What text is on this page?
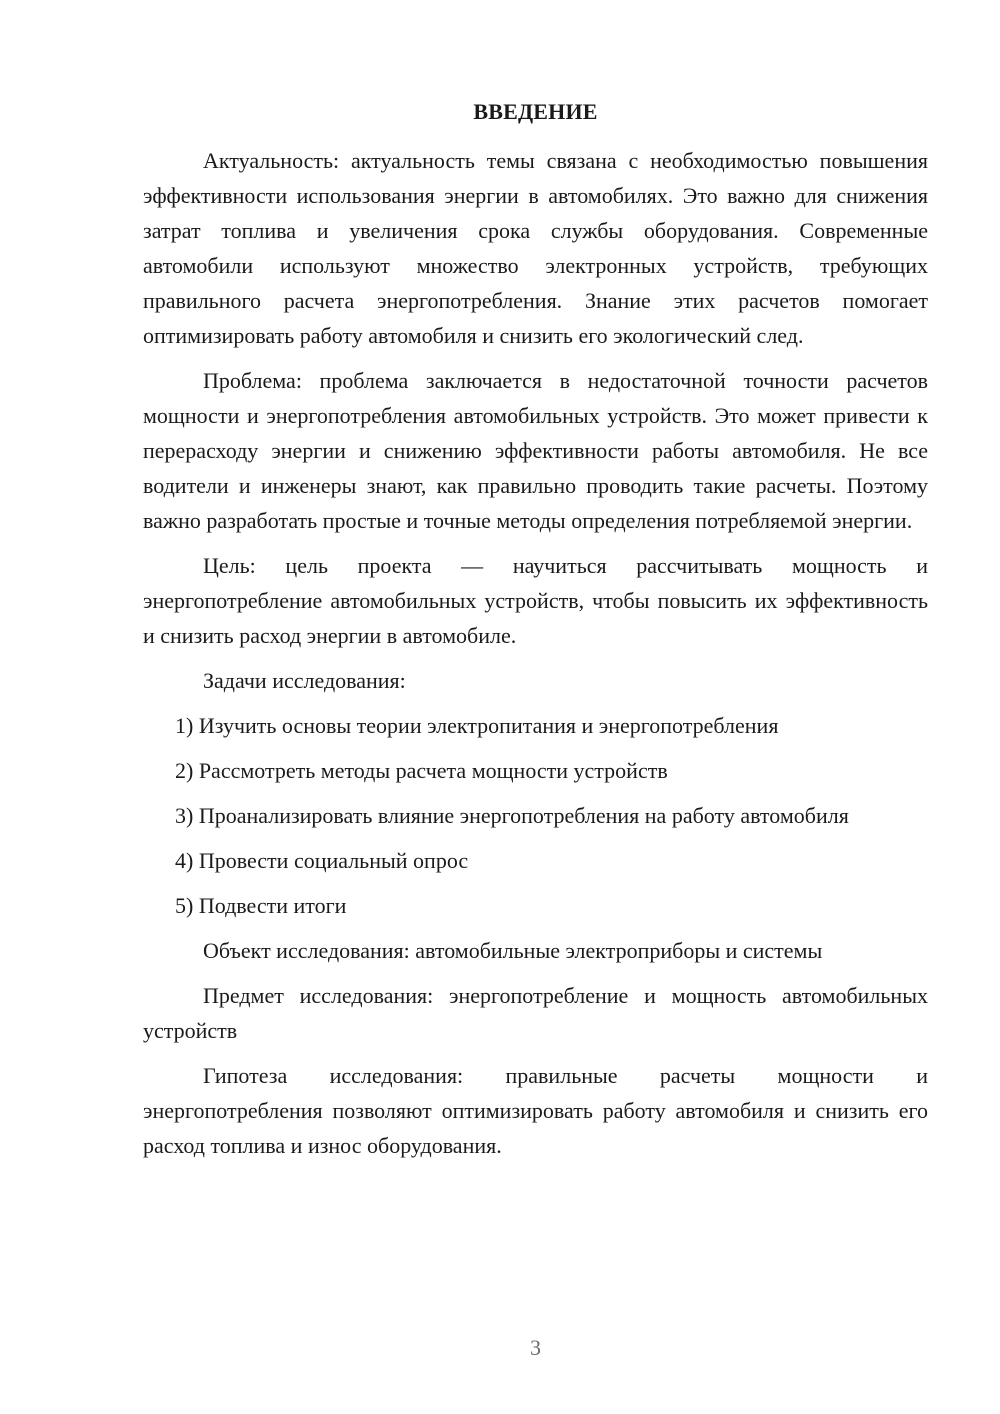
ВВЕДЕНИЕ

Актуальность: актуальность темы связана с необходимостью повышения эффективности использования энергии в автомобилях. Это важно для снижения затрат топлива и увеличения срока службы оборудования. Современные автомобили используют множество электронных устройств, требующих правильного расчета энергопотребления. Знание этих расчетов помогает оптимизировать работу автомобиля и снизить его экологический след.

Проблема: проблема заключается в недостаточной точности расчетов мощности и энергопотребления автомобильных устройств. Это может привести к перерасходу энергии и снижению эффективности работы автомобиля. Не все водители и инженеры знают, как правильно проводить такие расчеты. Поэтому важно разработать простые и точные методы определения потребляемой энергии.

Цель: цель проекта — научиться рассчитывать мощность и энергопотребление автомобильных устройств, чтобы повысить их эффективность и снизить расход энергии в автомобиле.

Задачи исследования:

1) Изучить основы теории электропитания и энергопотребления

2) Рассмотреть методы расчета мощности устройств

3) Проанализировать влияние энергопотребления на работу автомобиля

4) Провести социальный опрос

5) Подвести итоги

Объект исследования: автомобильные электроприборы и системы

Предмет исследования: энергопотребление и мощность автомобильных устройств

Гипотеза исследования: правильные расчеты мощности и энергопотребления позволяют оптимизировать работу автомобиля и снизить его расход топлива и износ оборудования.

3
